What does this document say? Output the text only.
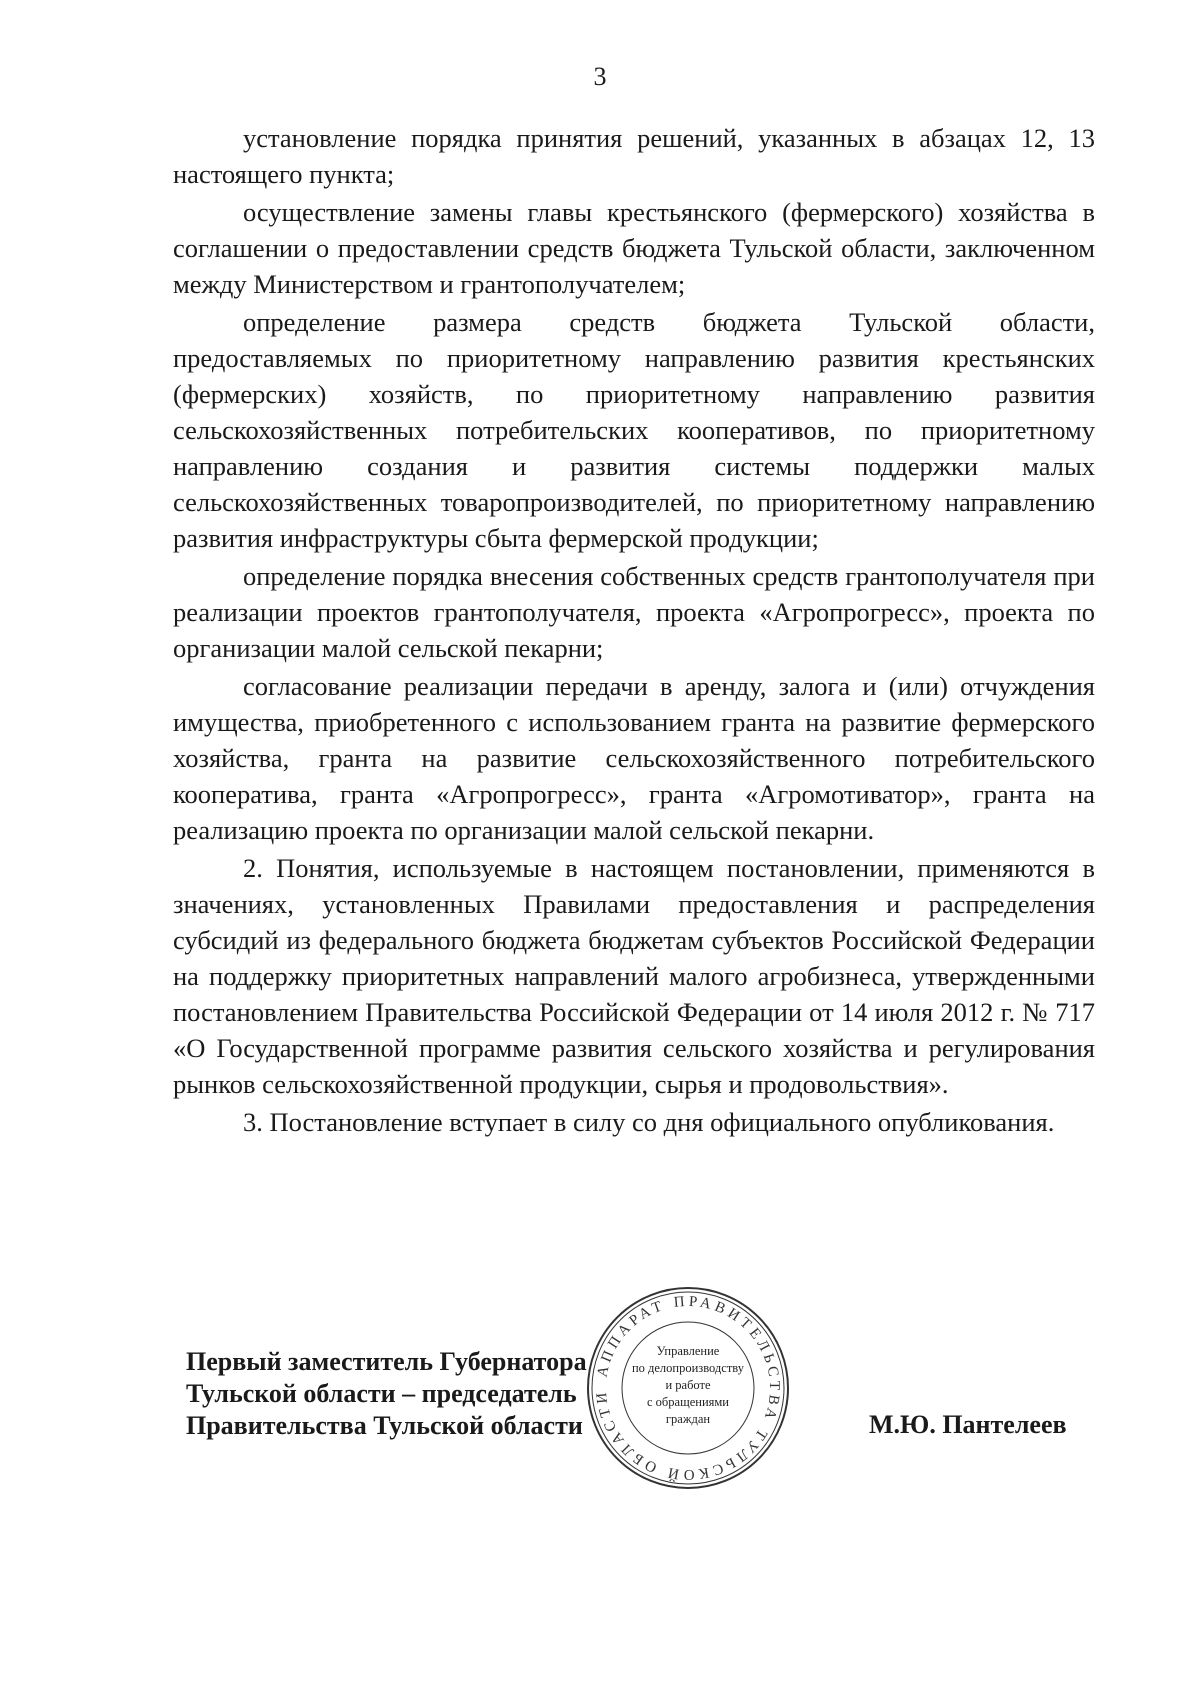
3

установление порядка принятия решений, указанных в абзацах 12, 13 настоящего пункта;

осуществление замены главы крестьянского (фермерского) хозяйства в соглашении о предоставлении средств бюджета Тульской области, заключенном между Министерством и грантополучателем;

определение размера средств бюджета Тульской области, предоставляемых по приоритетному направлению развития крестьянских (фермерских) хозяйств, по приоритетному направлению развития сельскохозяйственных потребительских кооперативов, по приоритетному направлению создания и развития системы поддержки малых сельскохозяйственных товаропроизводителей, по приоритетному направлению развития инфраструктуры сбыта фермерской продукции;

определение порядка внесения собственных средств грантополучателя при реализации проектов грантополучателя, проекта «Агропрогресс», проекта по организации малой сельской пекарни;

согласование реализации передачи в аренду, залога и (или) отчуждения имущества, приобретенного с использованием гранта на развитие фермерского хозяйства, гранта на развитие сельскохозяйственного потребительского кооператива, гранта «Агропрогресс», гранта «Агромотиватор», гранта на реализацию проекта по организации малой сельской пекарни.

2. Понятия, используемые в настоящем постановлении, применяются в значениях, установленных Правилами предоставления и распределения субсидий из федерального бюджета бюджетам субъектов Российской Федерации на поддержку приоритетных направлений малого агробизнеса, утвержденными постановлением Правительства Российской Федерации от 14 июля 2012 г. № 717 «О Государственной программе развития сельского хозяйства и регулирования рынков сельскохозяйственной продукции, сырья и продовольствия».

3. Постановление вступает в силу со дня официального опубликования.

Первый заместитель Губернатора
Тульской области – председатель
Правительства Тульской области	М.Ю. Пантелеев
АППАРАТ ПРАВИТЕЛЬСТВА ТУЛЬСКОЙ ОБЛАСТИ
Управление
по делопроизводству
и работе
с обращениями
граждан
